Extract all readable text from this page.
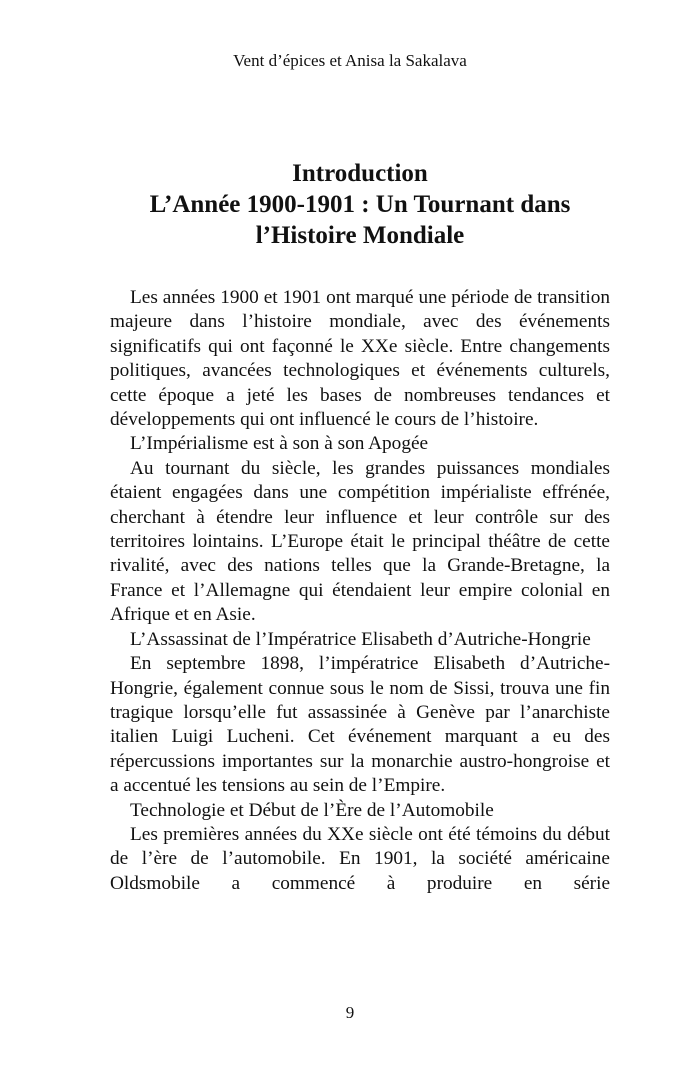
Vent d’épices et Anisa la Sakalava
Introduction
L’Année 1900-1901 : Un Tournant dans
l’Histoire Mondiale

Les années 1900 et 1901 ont marqué une période de transition majeure dans l’histoire mondiale, avec des événements significatifs qui ont façonné le XXe siècle. Entre changements politiques, avancées technologiques et événements culturels, cette époque a jeté les bases de nombreuses tendances et développements qui ont influencé le cours de l’histoire.

L’Impérialisme est à son à son Apogée

Au tournant du siècle, les grandes puissances mondiales étaient engagées dans une compétition impérialiste effrénée, cherchant à étendre leur influence et leur contrôle sur des territoires lointains. L’Europe était le principal théâtre de cette rivalité, avec des nations telles que la Grande-Bretagne, la France et l’Allemagne qui étendaient leur empire colonial en Afrique et en Asie.

L’Assassinat de l’Impératrice Elisabeth d’Autriche-Hongrie

En septembre 1898, l’impératrice Elisabeth d’Autriche-Hongrie, également connue sous le nom de Sissi, trouva une fin tragique lorsqu’elle fut assassinée à Genève par l’anarchiste italien Luigi Lucheni. Cet événement marquant a eu des répercussions importantes sur la monarchie austro-hongroise et a accentué les tensions au sein de l’Empire.

Technologie et Début de l’Ère de l’Automobile

Les premières années du XXe siècle ont été témoins du début de l’ère de l’automobile. En 1901, la société américaine Oldsmobile a commencé à produire en série

9
